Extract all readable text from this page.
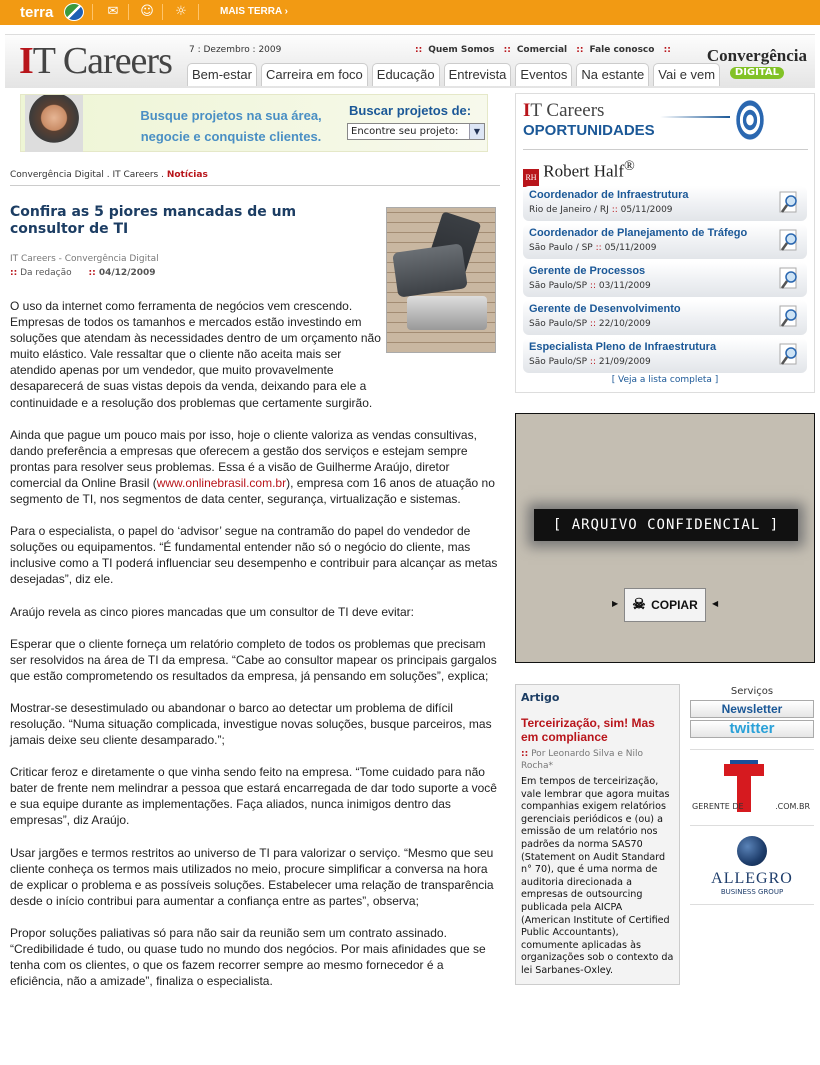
terra	✉ ☺ ☼	MAIS TERRA ›
IT Careers 7 : Dezembro : 2009	:: Quem Somos :: Comercial :: Fale conosco ::
Bem-estar	Carreira em foco	Educação	Entrevista	Eventos	Na estante	Vai e vem
Convergência
DIGITAL
Busque projetos na sua área, negocie e conquiste clientes.
Buscar projetos de:
Encontre seu projeto:	▼
Convergência Digital . IT Careers . Notícias
Confira as 5 piores mancadas de um consultor de TI
IT Careers - Convergência Digital
:: Da redação :: 04/12/2009

O uso da internet como ferramenta de negócios vem crescendo. Empresas de todos os tamanhos e mercados estão investindo em soluções que atendam às necessidades dentro de um orçamento não muito elástico. Vale ressaltar que o cliente não aceita mais ser atendido apenas por um vendedor, que muito provavelmente desaparecerá de suas vistas depois da venda, deixando para ele a continuidade e a resolução dos problemas que certamente surgirão.

Ainda que pague um pouco mais por isso, hoje o cliente valoriza as vendas consultivas, dando preferência a empresas que oferecem a gestão dos serviços e estejam sempre prontas para resolver seus problemas. Essa é a visão de Guilherme Araújo, diretor comercial da Online Brasil (www.onlinebrasil.com.br), empresa com 16 anos de atuação no segmento de TI, nos segmentos de data center, segurança, virtualização e sistemas.

Para o especialista, o papel do ‘advisor’ segue na contramão do papel do vendedor de soluções ou equipamentos. “É fundamental entender não só o negócio do cliente, mas inclusive como a TI poderá influenciar seu desempenho e contribuir para alcançar as metas desejadas”, diz ele.

Araújo revela as cinco piores mancadas que um consultor de TI deve evitar:

Esperar que o cliente forneça um relatório completo de todos os problemas que precisam ser resolvidos na área de TI da empresa. “Cabe ao consultor mapear os principais gargalos que estão comprometendo os resultados da empresa, já pensando em soluções”, explica;

Mostrar-se desestimulado ou abandonar o barco ao detectar um problema de difícil resolução. “Numa situação complicada, investigue novas soluções, busque parceiros, mas jamais deixe seu cliente desamparado.”;

Criticar feroz e diretamente o que vinha sendo feito na empresa. “Tome cuidado para não bater de frente nem melindrar a pessoa que estará encarregada de dar todo suporte a você e sua equipe durante as implementações. Faça aliados, nunca inimigos dentro das empresas”, diz Araújo.

Usar jargões e termos restritos ao universo de TI para valorizar o serviço. “Mesmo que seu cliente conheça os termos mais utilizados no meio, procure simplificar a conversa na hora de explicar o problema e as possíveis soluções. Estabelecer uma relação de transparência desde o início contribui para aumentar a confiança entre as partes”, observa;

Propor soluções paliativas só para não sair da reunião sem um contrato assinado. “Credibilidade é tudo, ou quase tudo no mundo dos negócios. Por mais afinidades que se tenha com os clientes, o que os fazem recorrer sempre ao mesmo fornecedor é a eficiência, não a amizade”, finaliza o especialista.

IT Careers
OPORTUNIDADES
RH Robert Half®
Coordenador de Infraestrutura
Rio de Janeiro / RJ :: 05/11/2009
Coordenador de Planejamento de Tráfego
São Paulo / SP :: 05/11/2009
Gerente de Processos
São Paulo/SP :: 03/11/2009
Gerente de Desenvolvimento
São Paulo/SP :: 22/10/2009
Especialista Pleno de Infraestrutura
São Paulo/SP :: 21/09/2009
[ Veja a lista completa ]
[ ARQUIVO CONFIDENCIAL ]
▶ ☠ COPIAR	◀
Artigo
Terceirização, sim! Mas em compliance
:: Por Leonardo Silva e Nilo Rocha*
Em tempos de terceirização, vale lembrar que agora muitas companhias exigem relatórios gerenciais periódicos e (ou) a emissão de um relatório nos padrões da norma SAS70 (Statement on Audit Standard n° 70), que é uma norma de auditoria direcionada a empresas de outsourcing publicada pela AICPA (American Institute of Certified Public Accountants), comumente aplicadas às organizações sob o contexto da lei Sarbanes-Oxley.
Serviços
Newsletter
twitter
GERENTE DE	.COM.BR
ALLEGRO
BUSINESS GROUP
